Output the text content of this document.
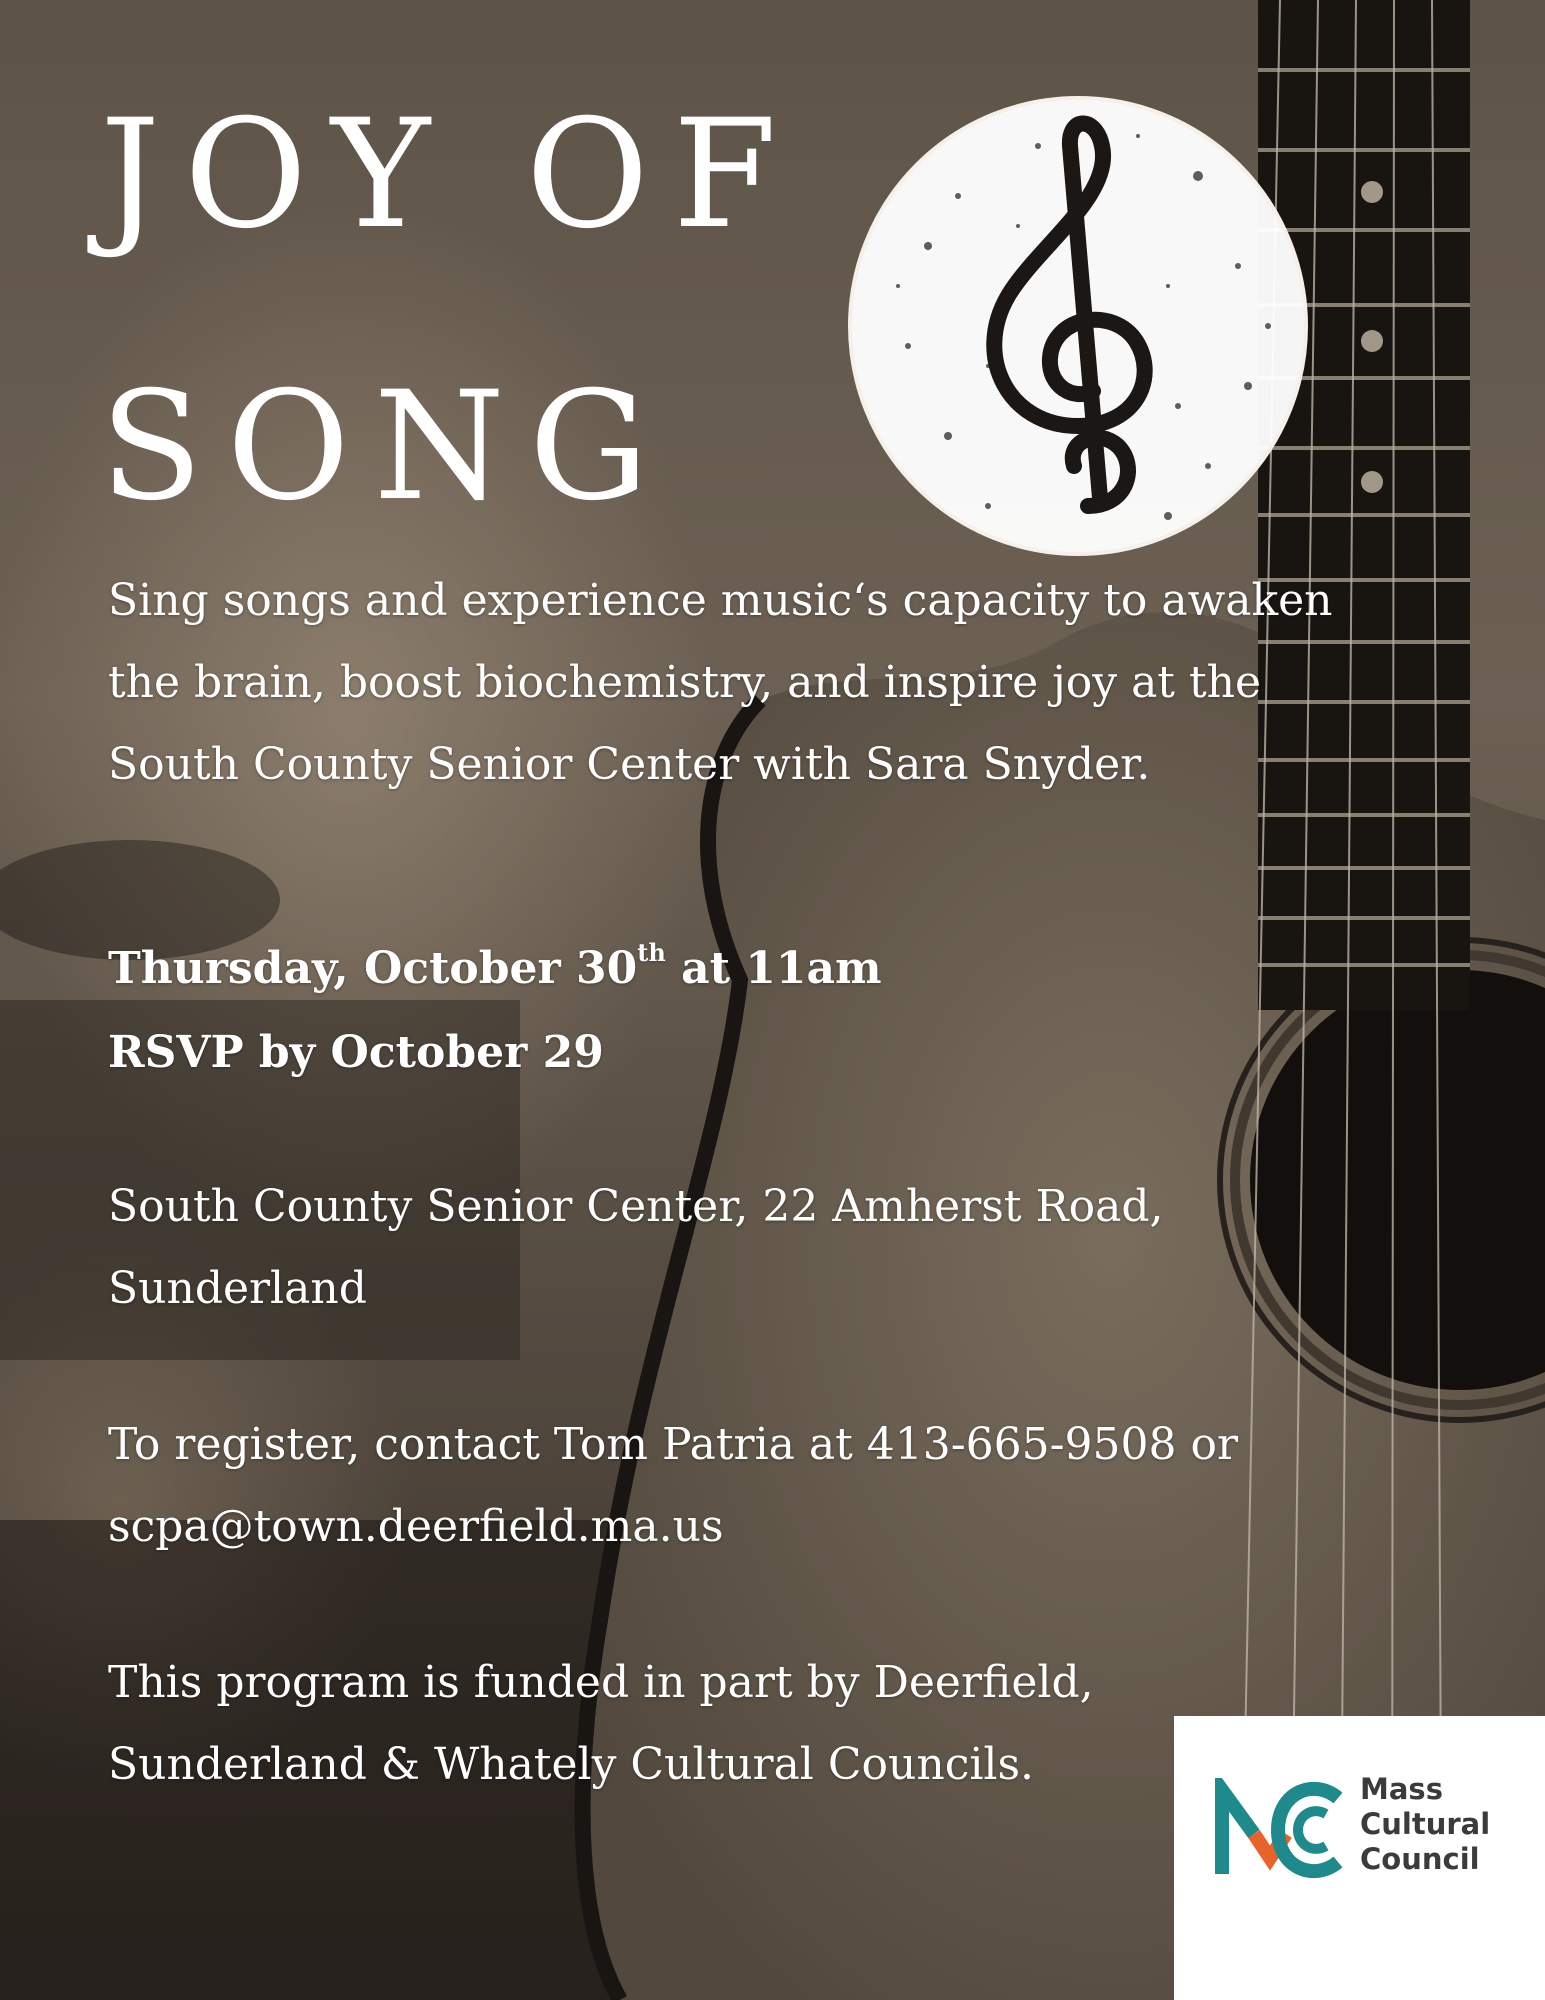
JOY OF
SONG
Sing songs and experience music‘s capacity to awaken
the brain, boost biochemistry, and inspire joy at the
South County Senior Center with Sara Snyder.
Thursday, October 30th at 11am
RSVP by October 29
South County Senior Center, 22 Amherst Road,
Sunderland
To register, contact Tom Patria at 413-665-9508 or
scpa@town.deerfield.ma.us
This program is funded in part by Deerfield,
Sunderland & Whately Cultural Councils.	Mass
Cultural
Council
